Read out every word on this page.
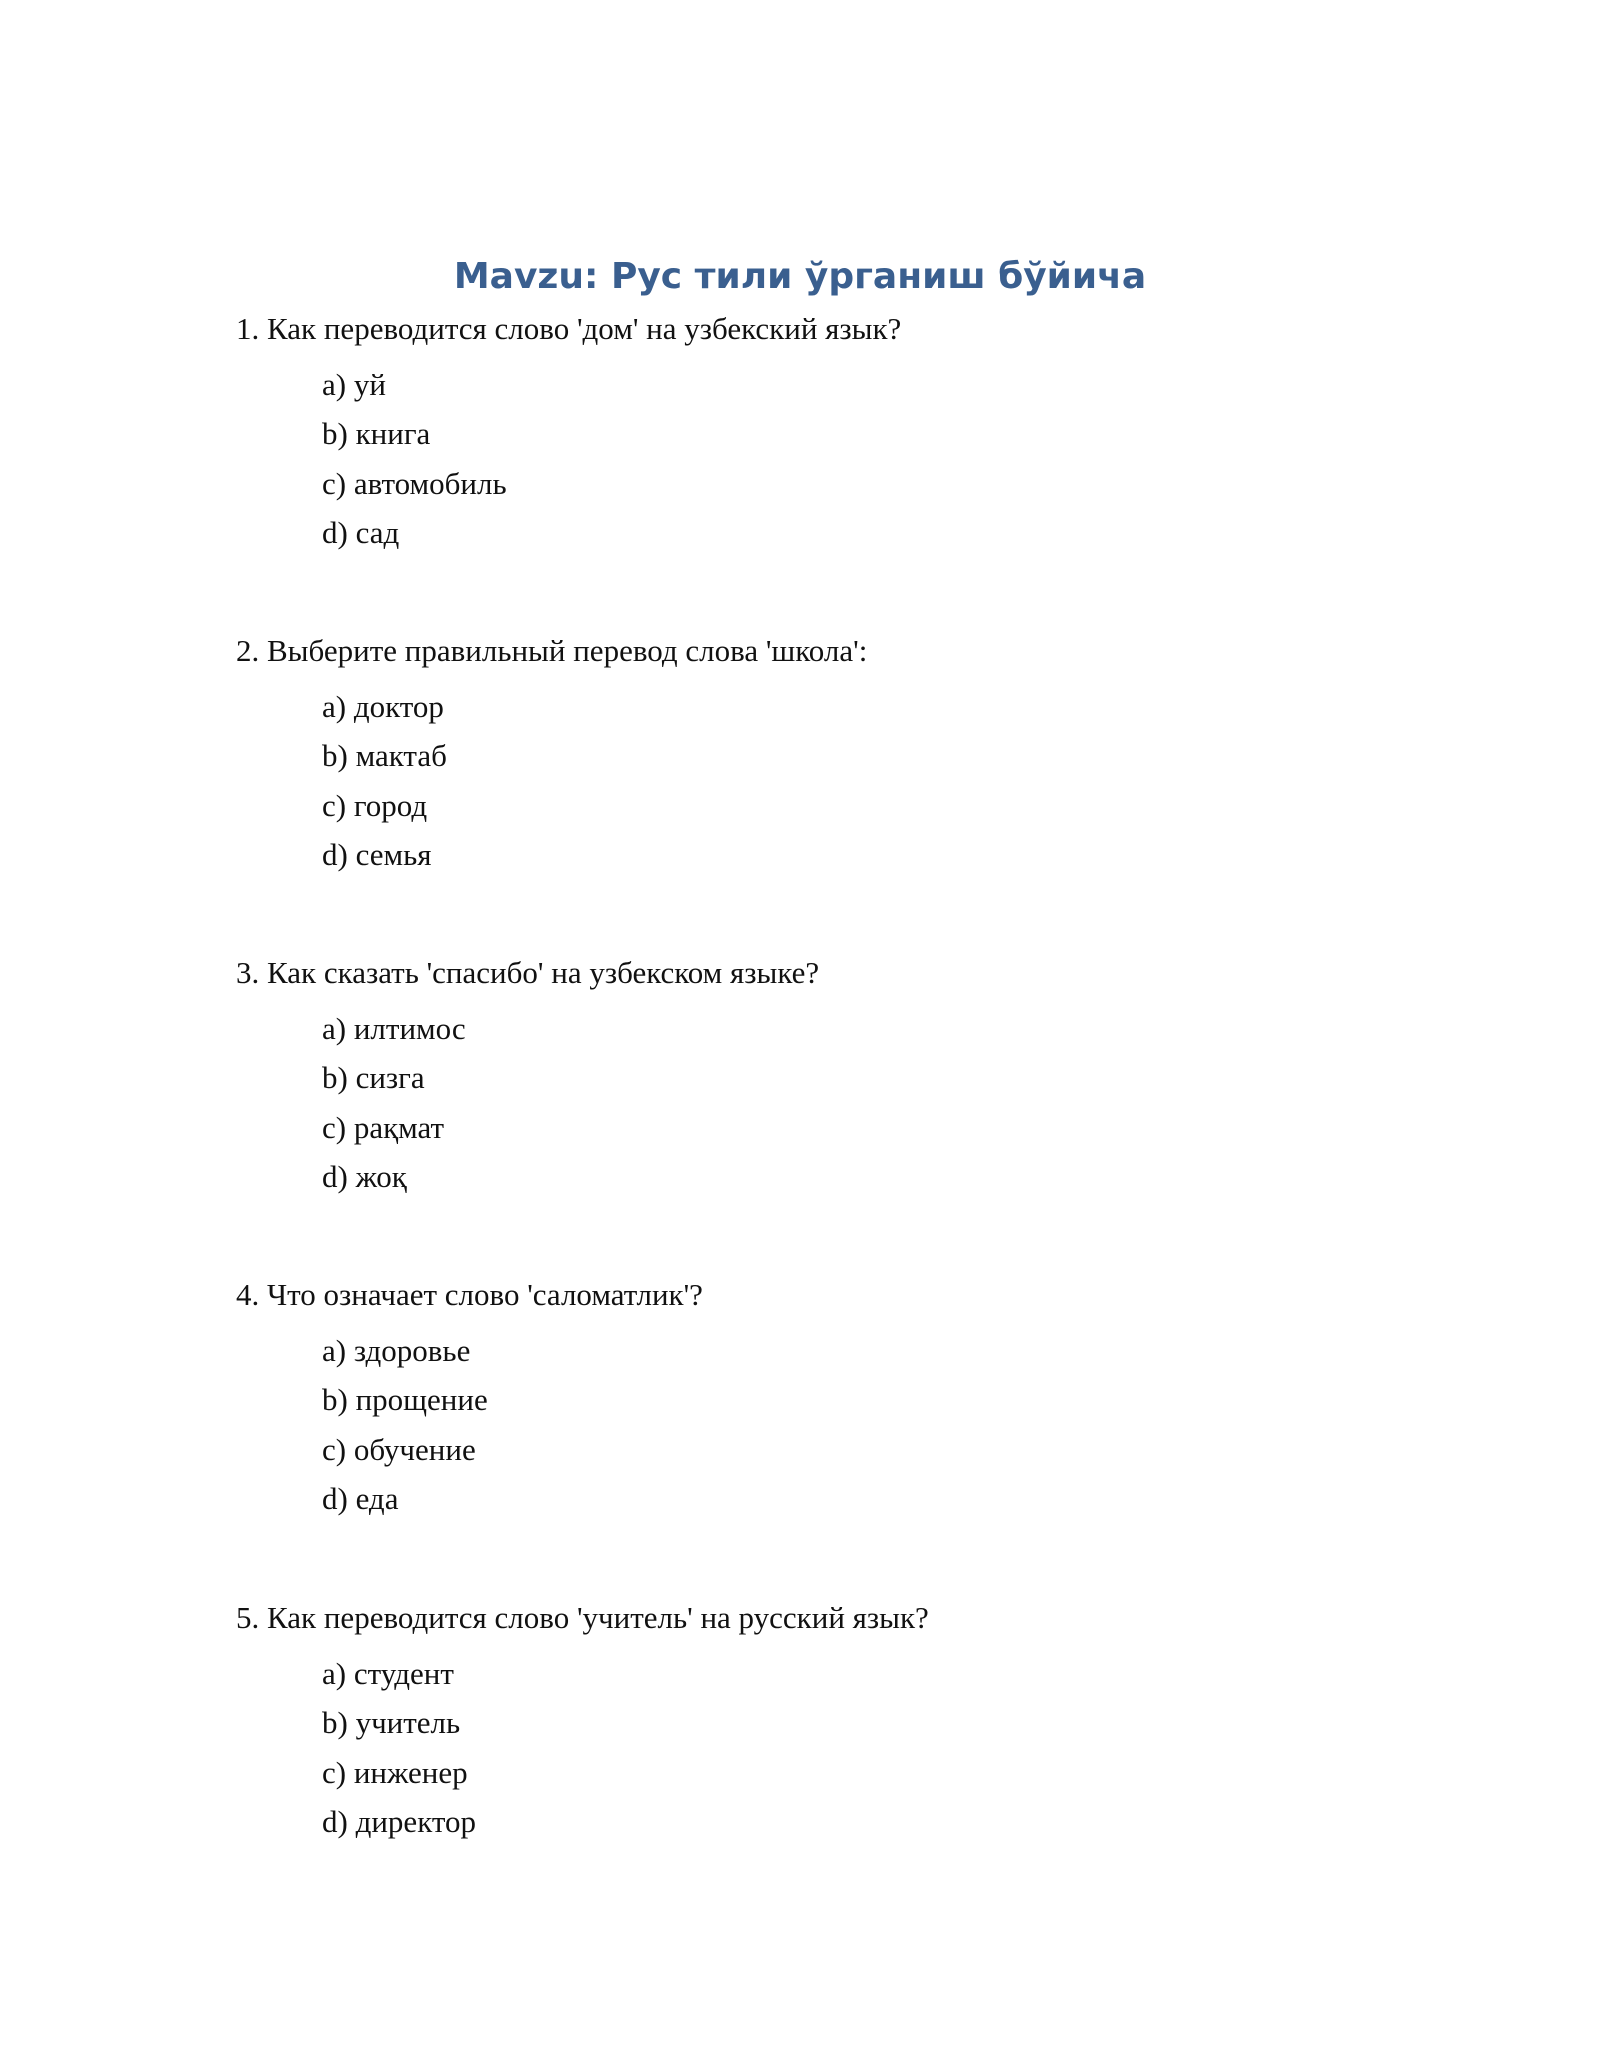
Mavzu: Рус тили ўрганиш бўйича

1. Как переводится слово 'дом' на узбекский язык?

a) уй
b) книга
c) автомобиль
d) сад

2. Выберите правильный перевод слова 'школа':

a) доктор
b) мактаб
c) город
d) семья

3. Как сказать 'спасибо' на узбекском языке?

a) илтимос
b) сизга
c) рақмат
d) жоқ

4. Что означает слово 'саломатлик'?

a) здоровье
b) прощение
c) обучение
d) еда

5. Как переводится слово 'учитель' на русский язык?

a) студент
b) учитель
c) инженер
d) директор
